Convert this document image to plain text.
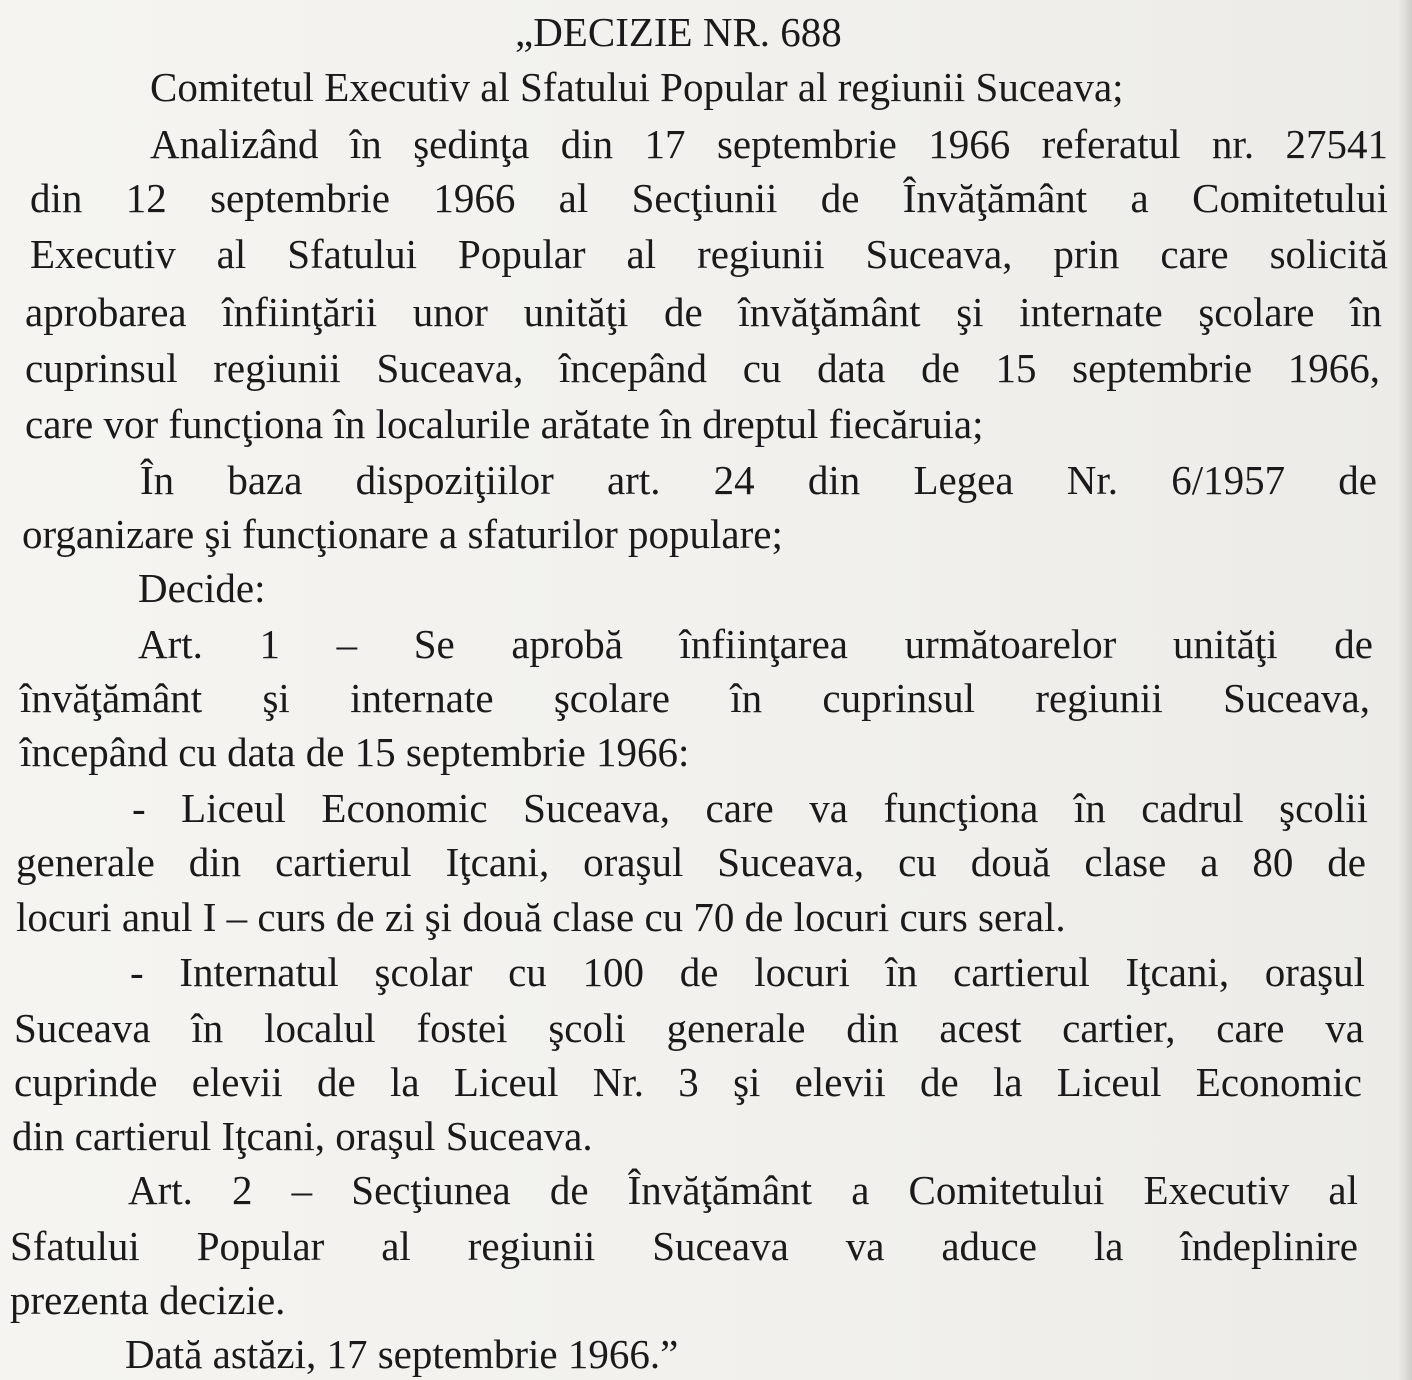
„DECIZIE NR. 688

Comitetul Executiv al Sfatului Popular al regiunii Suceava;

Analizând în şedinţa din 17 septembrie 1966 referatul nr. 27541

din 12 septembrie 1966 al Secţiunii de Învăţământ a Comitetului

Executiv al Sfatului Popular al regiunii Suceava, prin care solicită

aprobarea înfiinţării unor unităţi de învăţământ şi internate şcolare în

cuprinsul regiunii Suceava, începând cu data de 15 septembrie 1966,

care vor funcţiona în localurile arătate în dreptul fiecăruia;

În baza dispoziţiilor art. 24 din Legea Nr. 6/1957 de

organizare şi funcţionare a sfaturilor populare;

Decide:

Art. 1 – Se aprobă înfiinţarea următoarelor unităţi de

învăţământ şi internate şcolare în cuprinsul regiunii Suceava,

începând cu data de 15 septembrie 1966:

- Liceul Economic Suceava, care va funcţiona în cadrul şcolii

generale din cartierul Iţcani, oraşul Suceava, cu două clase a 80 de

locuri anul I – curs de zi şi două clase cu 70 de locuri curs seral.

- Internatul şcolar cu 100 de locuri în cartierul Iţcani, oraşul

Suceava în localul fostei şcoli generale din acest cartier, care va

cuprinde elevii de la Liceul Nr. 3 şi elevii de la Liceul Economic

din cartierul Iţcani, oraşul Suceava.

Art. 2 – Secţiunea de Învăţământ a Comitetului Executiv al

Sfatului Popular al regiunii Suceava va aduce la îndeplinire

prezenta decizie.

Dată astăzi, 17 septembrie 1966.”
